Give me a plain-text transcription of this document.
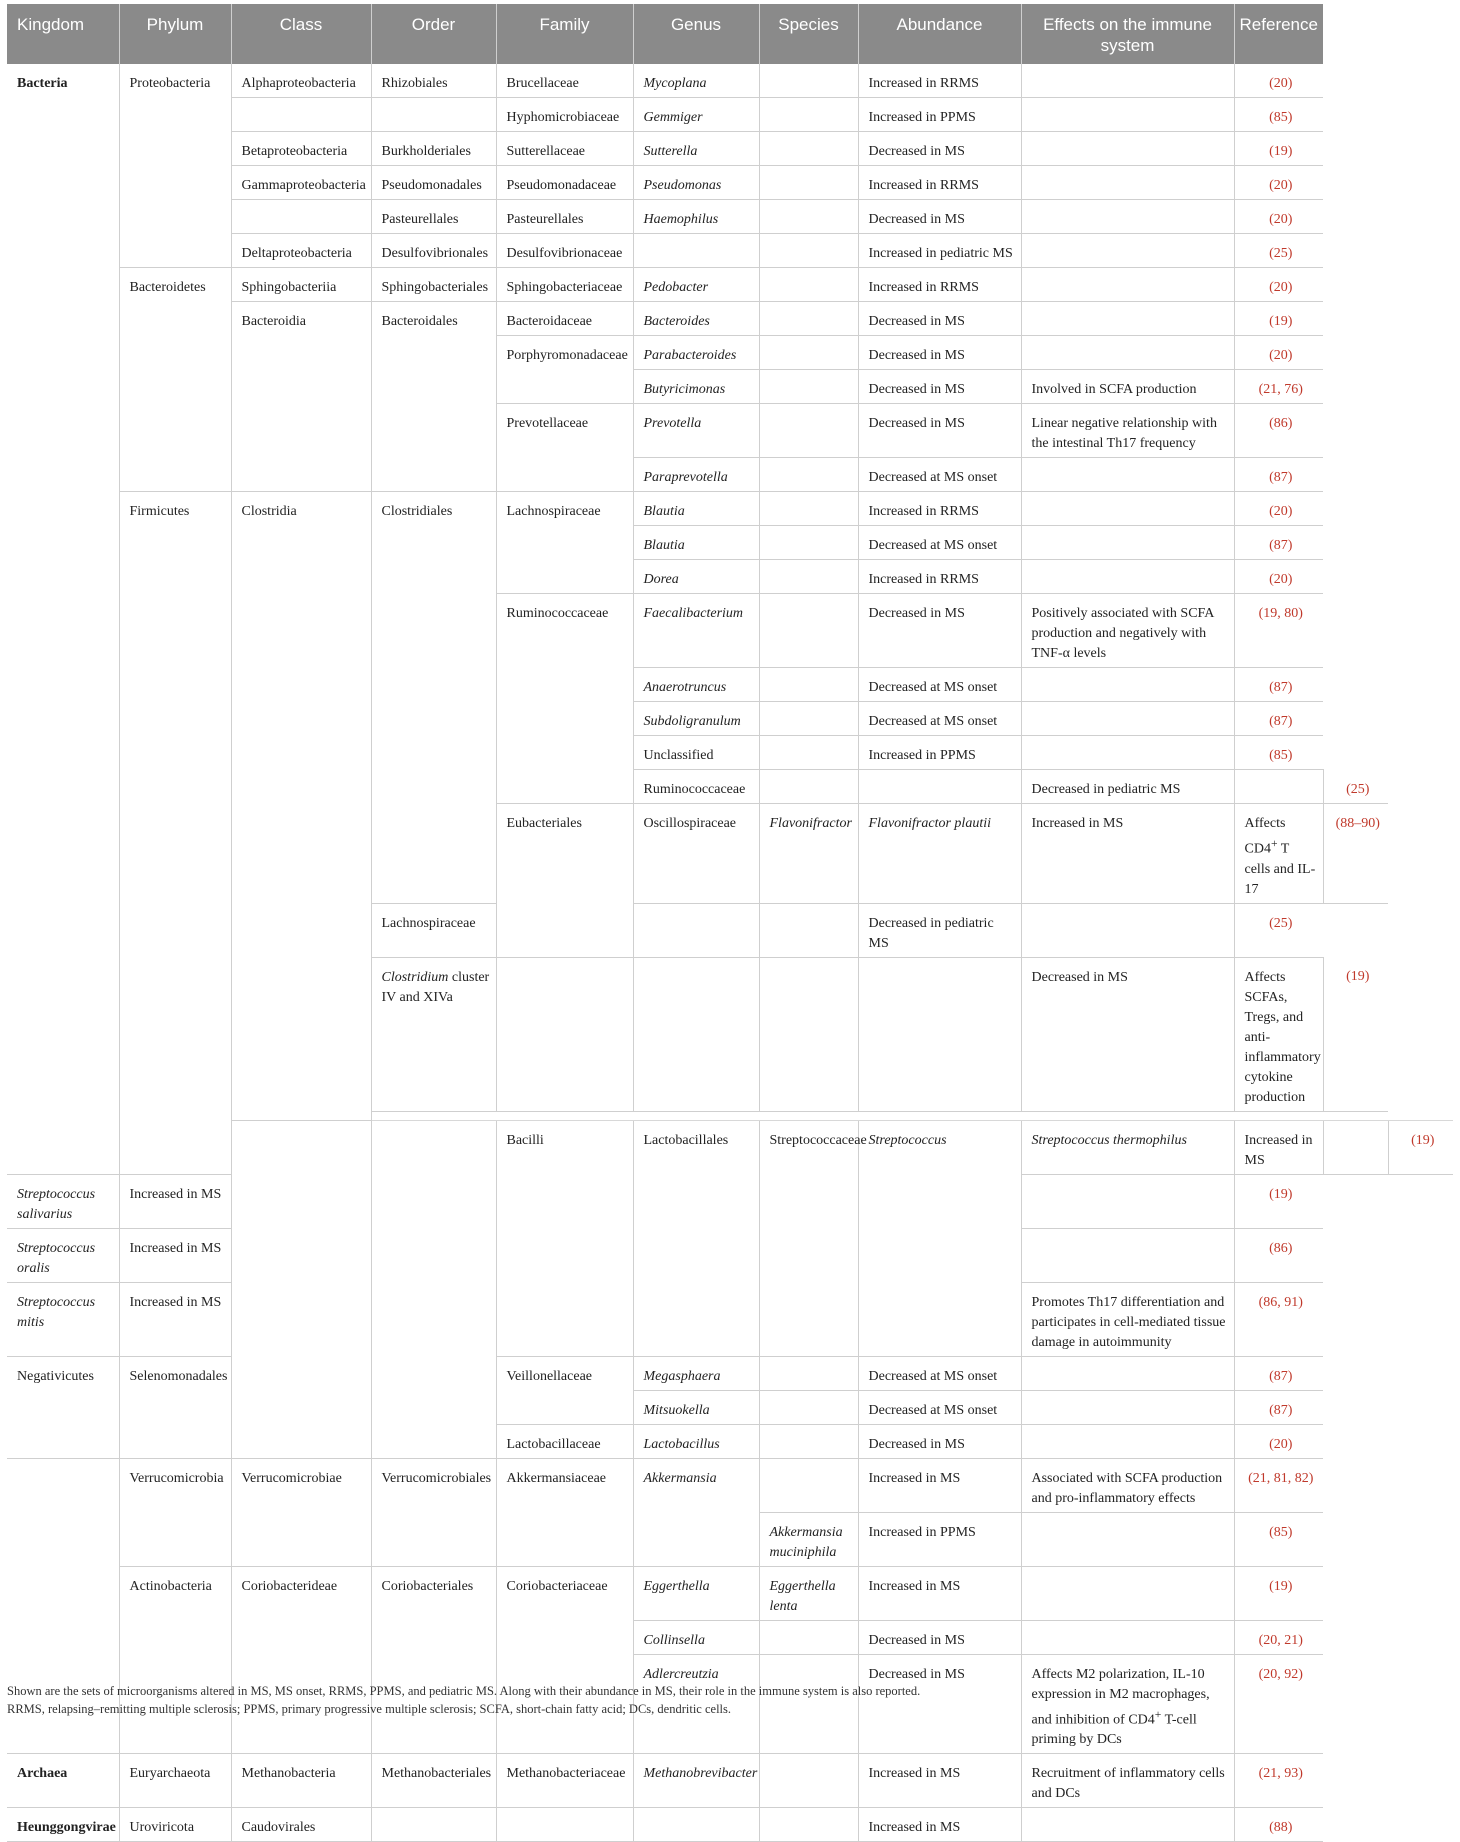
Kingdom	Phylum	Class	Order	Family	Genus	Species	Abundance	Effects on the immune system	Reference		
Bacteria	Proteobacteria	Alphaproteobacteria	Rhizobiales	Brucellaceae	Mycoplana		Increased in RRMS		(20)		
				Hyphomicrobiaceae	Gemmiger		Increased in PPMS		(85)		
		Betaproteobacteria	Burkholderiales	Sutterellaceae	Sutterella		Decreased in MS		(19)		
		Gammaproteobacteria	Pseudomonadales	Pseudomonadaceae	Pseudomonas		Increased in RRMS		(20)		
			Pasteurellales	Pasteurellales	Haemophilus		Decreased in MS		(20)		
		Deltaproteobacteria	Desulfovibrionales	Desulfovibrionaceae			Increased in pediatric MS		(25)		
	Bacteroidetes	Sphingobacteriia	Sphingobacteriales	Sphingobacteriaceae	Pedobacter		Increased in RRMS		(20)		
		Bacteroidia	Bacteroidales	Bacteroidaceae	Bacteroides		Decreased in MS		(19)		
				Porphyromonadaceae	Parabacteroides		Decreased in MS		(20)		
					Butyricimonas		Decreased in MS	Involved in SCFA production	(21, 76)		
				Prevotellaceae	Prevotella		Decreased in MS	Linear negative relationship with the intestinal Th17 frequency	(86)		
					Paraprevotella		Decreased at MS onset		(87)		
	Firmicutes	Clostridia	Clostridiales	Lachnospiraceae	Blautia		Increased in RRMS		(20)		
					Blautia		Decreased at MS onset		(87)		
					Dorea		Increased in RRMS		(20)		
				Ruminococcaceae	Faecalibacterium		Decreased in MS	Positively associated with SCFA production and negatively with TNF-α levels	(19, 80)		
					Anaerotruncus		Decreased at MS onset		(87)		
					Subdoligranulum		Decreased at MS onset		(87)		
					Unclassified		Increased in PPMS		(85)		
					Ruminococcaceae			Decreased in pediatric MS		(25)	
				Eubacteriales	Oscillospiraceae	Flavonifractor	Flavonifractor plautii	Increased in MS	Affects CD4+ T cells and IL-17	(88–90)	
			Lachnospiraceae				Decreased in pediatric MS		(25)		
			Clostridium cluster IV and XIVa					Decreased in MS	Affects SCFAs, Tregs, and anti-inflammatory cytokine production	(19)	

				Bacilli	Lactobacillales	Streptococcaceae	Streptococcus	Streptococcus thermophilus	Increased in MS		(19)
Streptococcus salivarius	Increased in MS								(19)		
Streptococcus oralis	Increased in MS								(86)		
Streptococcus mitis	Increased in MS							Promotes Th17 differentiation and participates in cell-mediated tissue damage in autoimmunity	(86, 91)		
Negativicutes	Selenomonadales			Veillonellaceae	Megasphaera		Decreased at MS onset		(87)		
					Mitsuokella		Decreased at MS onset		(87)		
				Lactobacillaceae	Lactobacillus		Decreased in MS		(20)		
	Verrucomicrobia	Verrucomicrobiae	Verrucomicrobiales	Akkermansiaceae	Akkermansia		Increased in MS	Associated with SCFA production and pro-inflammatory effects	(21, 81, 82)		
						Akkermansia muciniphila	Increased in PPMS		(85)		
	Actinobacteria	Coriobacterideae	Coriobacteriales	Coriobacteriaceae	Eggerthella	Eggerthella lenta	Increased in MS		(19)		
					Collinsella		Decreased in MS		(20, 21)		
					Adlercreutzia		Decreased in MS	Affects M2 polarization, IL-10 expression in M2 macrophages, and inhibition of CD4+ T-cell priming by DCs	(20, 92)		
Archaea	Euryarchaeota	Methanobacteria	Methanobacteriales	Methanobacteriaceae	Methanobrevibacter		Increased in MS	Recruitment of inflammatory cells and DCs	(21, 93)		
Heunggongvirae	Uroviricota	Caudovirales					Increased in MS		(88)		
Shown are the sets of microorganisms altered in MS, MS onset, RRMS, PPMS, and pediatric MS. Along with their abundance in MS, their role in the immune system is also reported.
RRMS, relapsing–remitting multiple sclerosis; PPMS, primary progressive multiple sclerosis; SCFA, short-chain fatty acid; DCs, dendritic cells.
